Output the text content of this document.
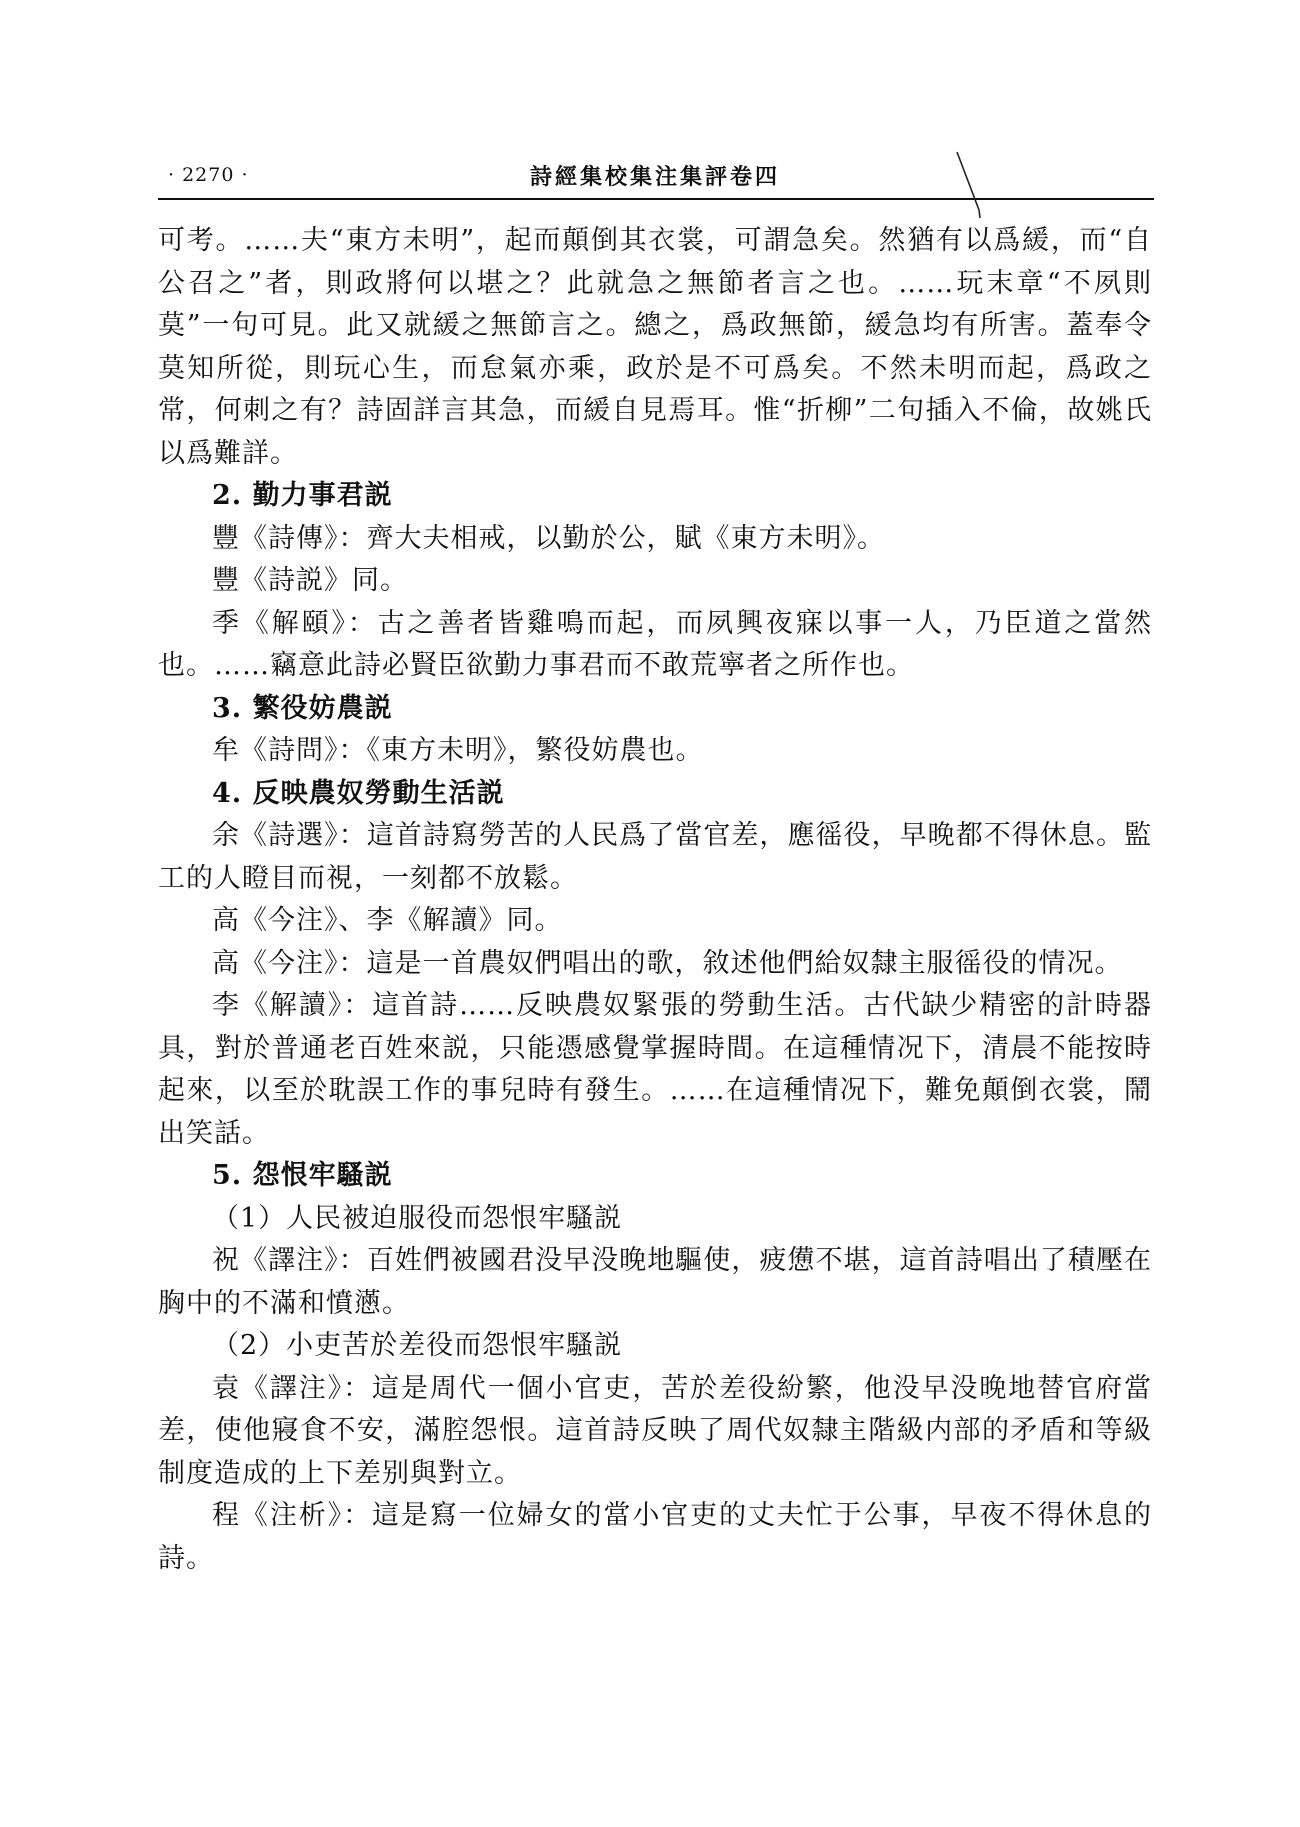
· 2270 ·	詩經集校集注集評卷四

可考。……夫“東方未明”，起而顛倒其衣裳，可謂急矣。然猶有以爲緩，而“自公召之”者，則政將何以堪之？此就急之無節者言之也。……玩末章“不夙則莫”一句可見。此又就緩之無節言之。總之，爲政無節，緩急均有所害。蓋奉令莫知所從，則玩心生，而怠氣亦乘，政於是不可爲矣。不然未明而起，爲政之常，何刺之有？詩固詳言其急，而緩自見焉耳。惟“折柳”二句插入不倫，故姚氏以爲難詳。

2. 勤力事君説

豐《詩傳》：齊大夫相戒，以勤於公，賦《東方未明》。

豐《詩説》同。

季《解頤》：古之善者皆雞鳴而起，而夙興夜寐以事一人，乃臣道之當然也。……竊意此詩必賢臣欲勤力事君而不敢荒寧者之所作也。

3. 繁役妨農説

牟《詩問》：《東方未明》，繁役妨農也。

4. 反映農奴勞動生活説

余《詩選》：這首詩寫勞苦的人民爲了當官差，應徭役，早晚都不得休息。監工的人瞪目而視，一刻都不放鬆。

高《今注》、李《解讀》同。

高《今注》：這是一首農奴們唱出的歌，敘述他們給奴隸主服徭役的情况。

李《解讀》：這首詩……反映農奴緊張的勞動生活。古代缺少精密的計時器具，對於普通老百姓來説，只能憑感覺掌握時間。在這種情况下，清晨不能按時起來，以至於耽誤工作的事兒時有發生。……在這種情况下，難免顛倒衣裳，鬧出笑話。

5. 怨恨牢騷説

（1）人民被迫服役而怨恨牢騷説

祝《譯注》：百姓們被國君没早没晚地驅使，疲憊不堪，這首詩唱出了積壓在胸中的不滿和憤懣。

（2）小吏苦於差役而怨恨牢騷説

袁《譯注》：這是周代一個小官吏，苦於差役紛繁，他没早没晚地替官府當差，使他寢食不安，滿腔怨恨。這首詩反映了周代奴隸主階級内部的矛盾和等級制度造成的上下差别與對立。

程《注析》：這是寫一位婦女的當小官吏的丈夫忙于公事，早夜不得休息的詩。
